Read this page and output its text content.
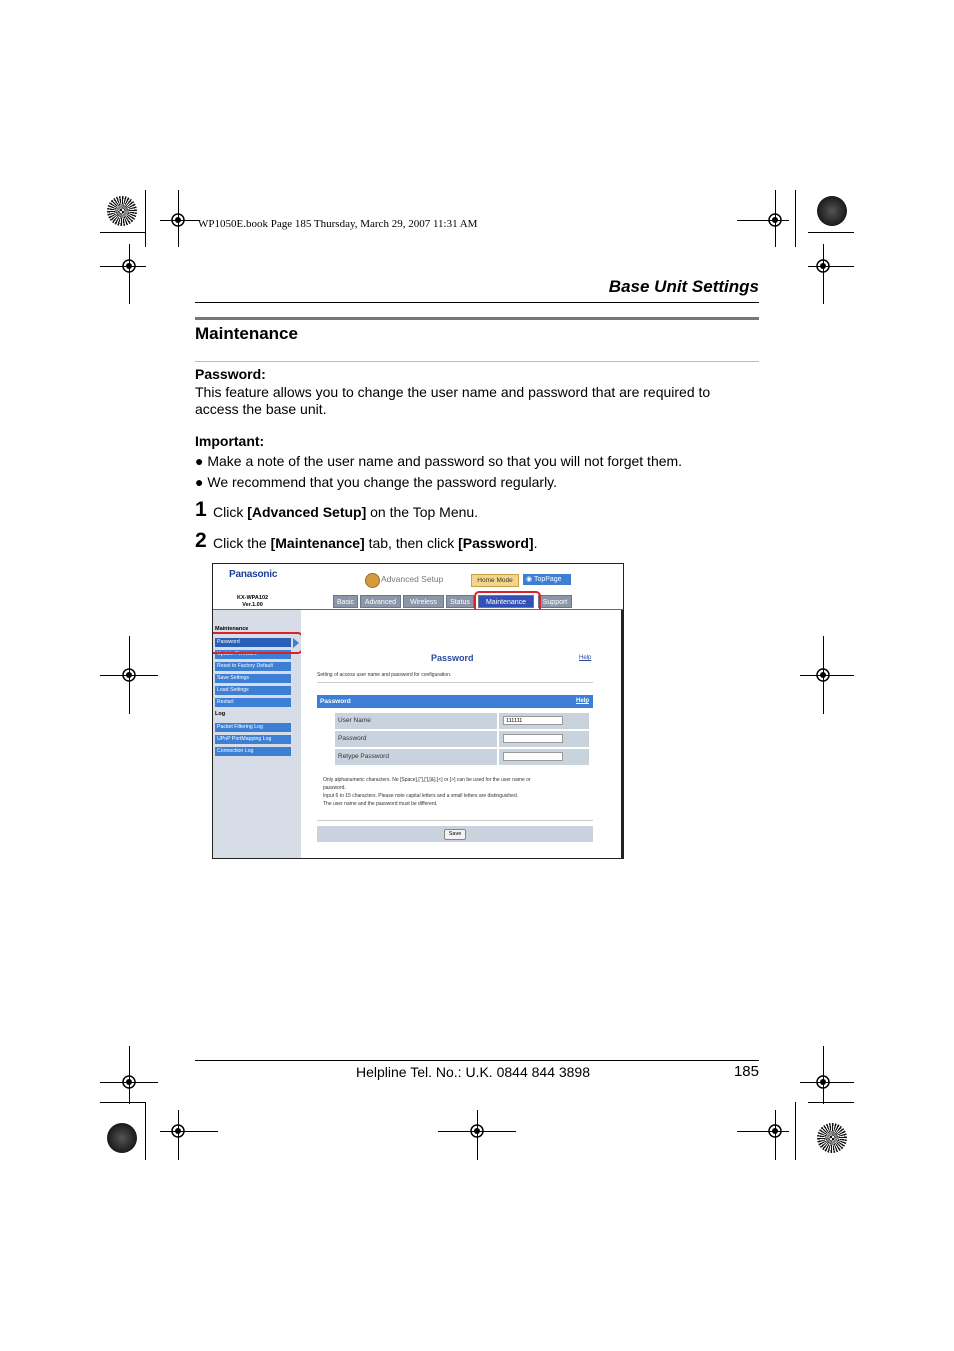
WP1050E.book Page 185 Thursday, March 29, 2007 11:31 AM
Base Unit Settings
Maintenance
Password:
This feature allows you to change the user name and password that are required to
access the base unit.
Important:
● Make a note of the user name and password so that you will not forget them.
● We recommend that you change the password regularly.
1 Click [Advanced Setup] on the Top Menu.
2 Click the [Maintenance] tab, then click [Password].
Panasonic
KX-WPA102
Ver.1.00
Advanced Setup	Home Mode	◉ TopPage
Basic	Advanced	Wireless	Status	Maintenance	Support
Maintenance
Password
Update Firmware
Reset to Factory Default
Save Settings
Load Settings
Restart
Log
Packet Filtering Log
UPnP PortMapping Log
Connection Log
Password	Help
Setting of access user name and password for configuration.
Password	Help
User Name	111111
Password
Retype Password
Only alphanumeric characters. No [Space],["],['],[&],[<] or [>] can be used for the user name or
password.
Input 6 to 15 characters. Please note capital letters and a small letters are distinguished.
The user name and the password must be different.
Save
Helpline Tel. No.: U.K. 0844 844 3898	185
